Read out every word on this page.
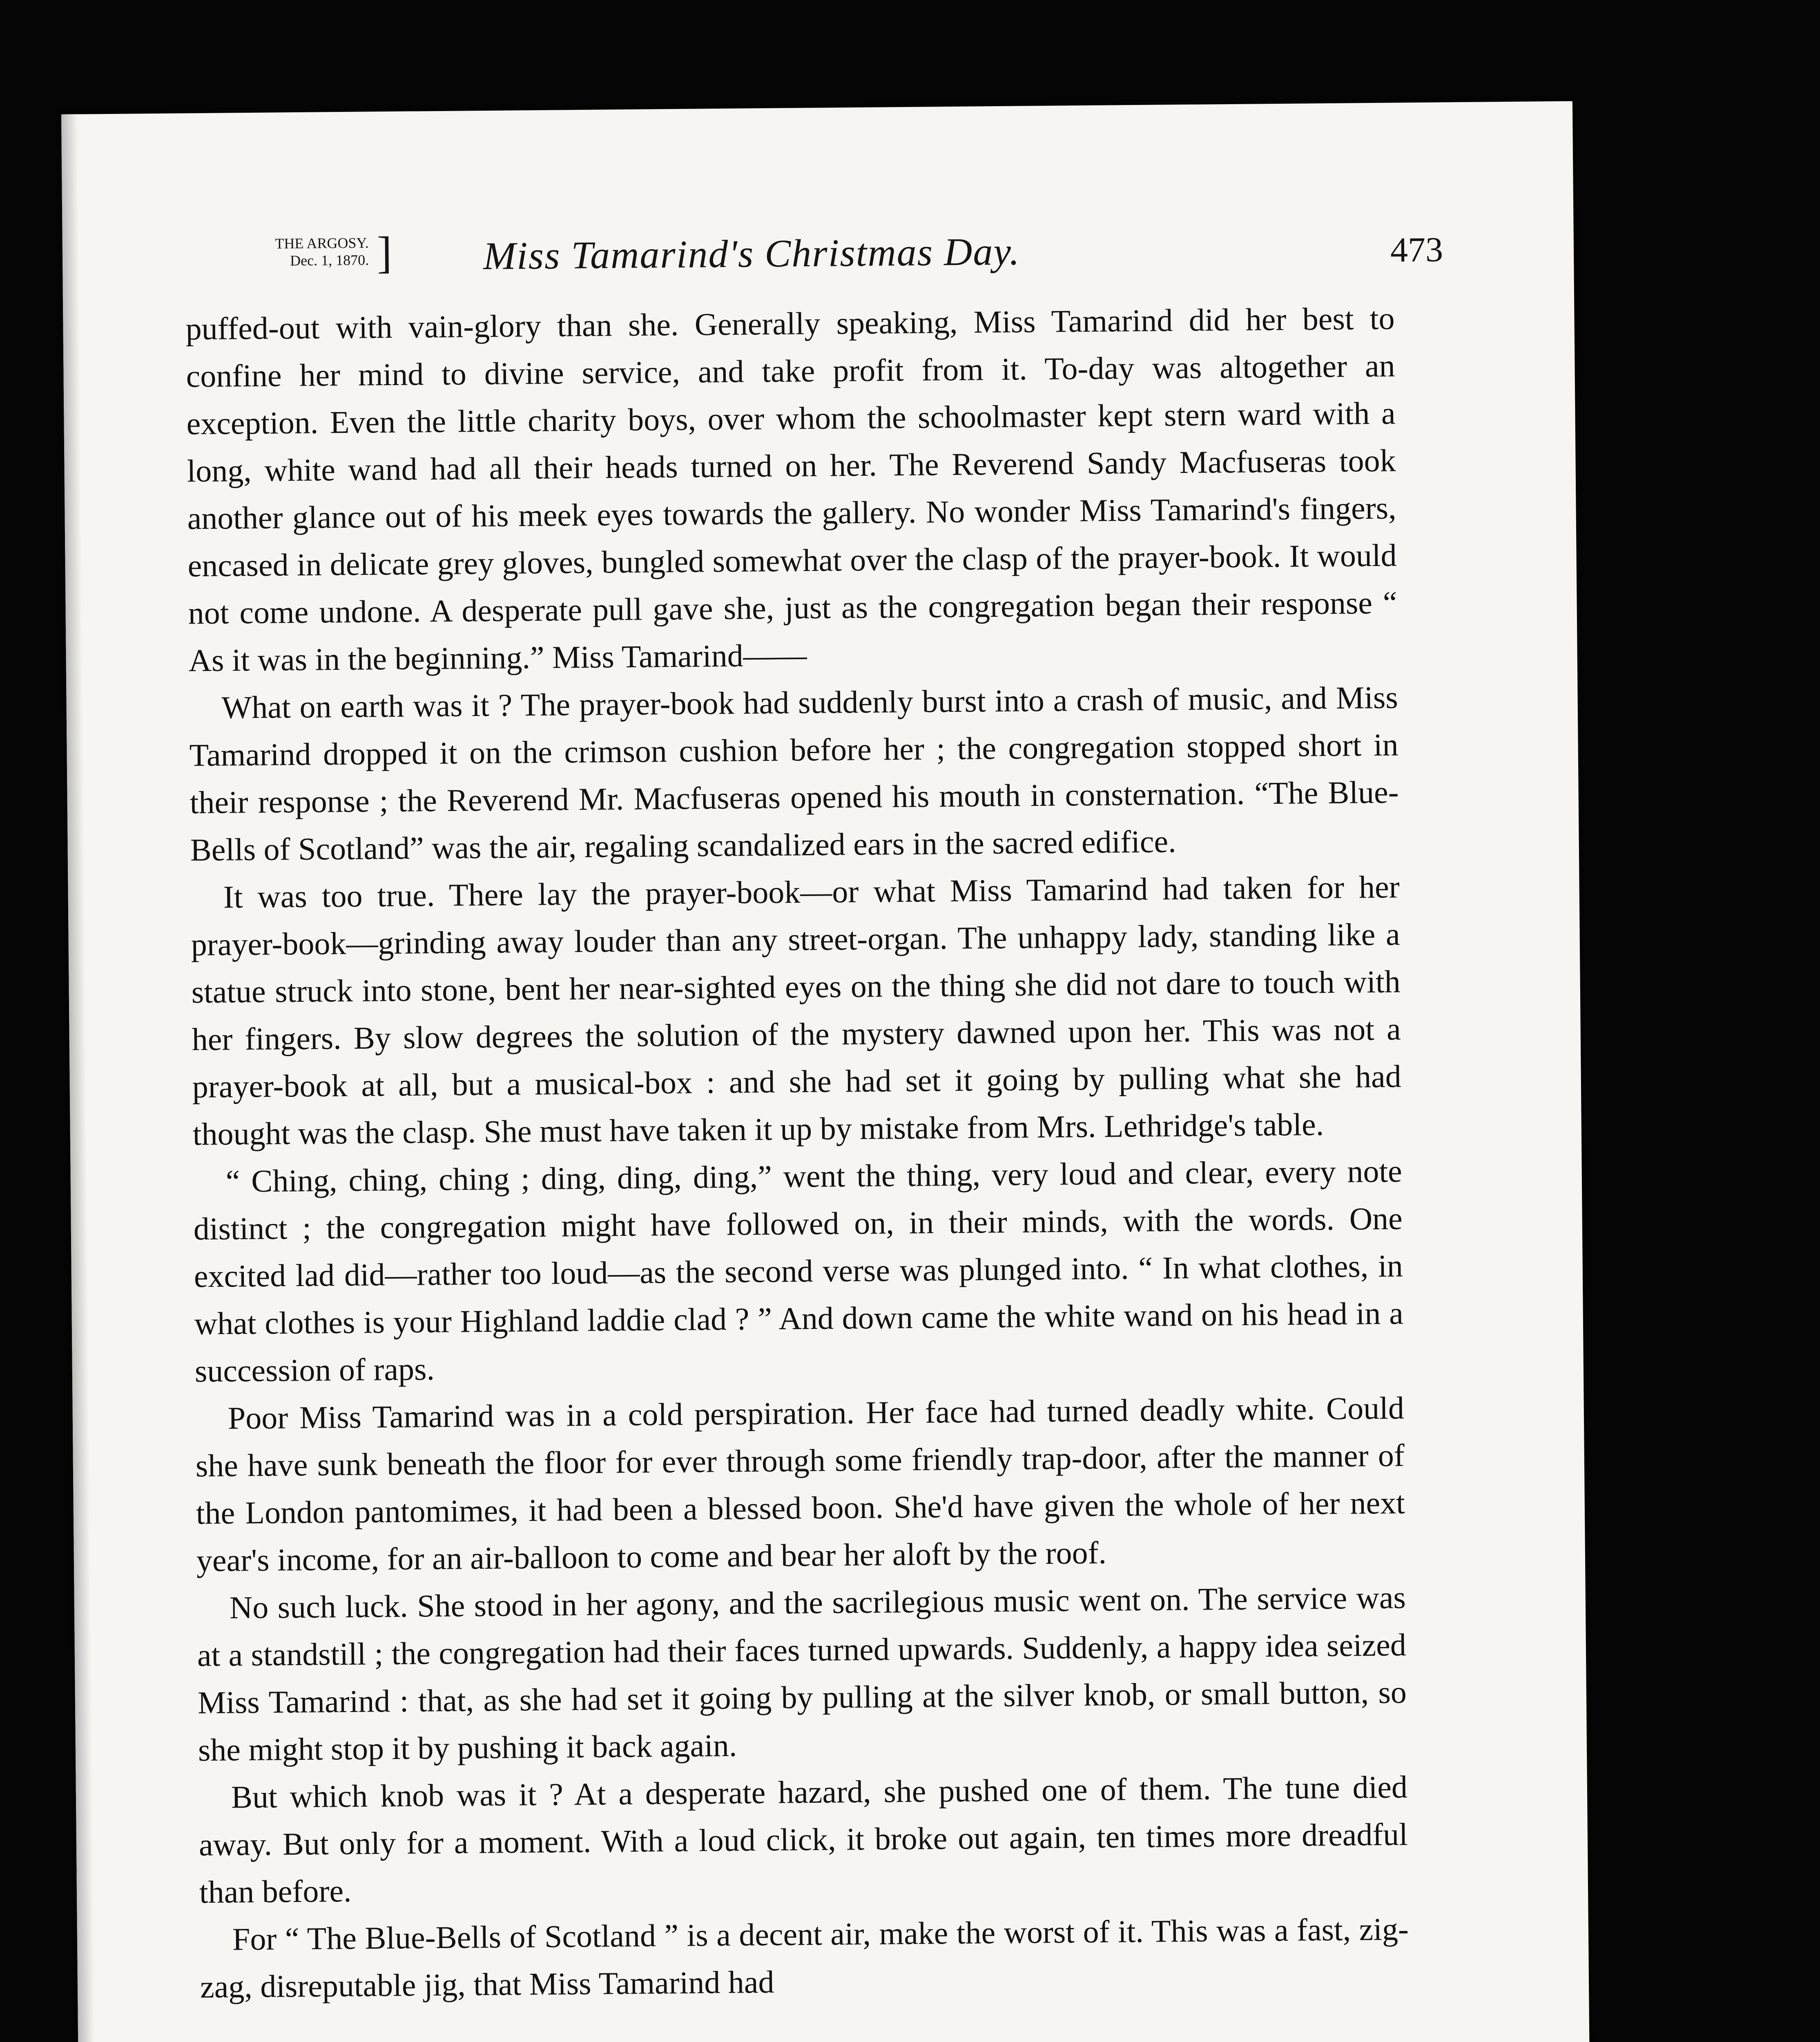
THE ARGOSY.
Dec. 1, 1870. ] Miss Tamarind's Christmas Day.	473

puffed-out with vain-glory than she. Generally speaking, Miss Tamarind did her best to confine her mind to divine service, and take profit from it. To-day was altogether an exception. Even the little charity boys, over whom the schoolmaster kept stern ward with a long, white wand had all their heads turned on her. The Reverend Sandy Macfuseras took another glance out of his meek eyes towards the gallery. No wonder Miss Tamarind's fingers, encased in delicate grey gloves, bungled somewhat over the clasp of the prayer-book. It would not come undone. A desperate pull gave she, just as the congregation began their response “ As it was in the beginning.” Miss Tamarind——

What on earth was it ? The prayer-book had suddenly burst into a crash of music, and Miss Tamarind dropped it on the crimson cushion before her ; the congregation stopped short in their response ; the Reverend Mr. Macfuseras opened his mouth in consternation. “The Blue-Bells of Scotland” was the air, regaling scandalized ears in the sacred edifice.

It was too true. There lay the prayer-book—or what Miss Tamarind had taken for her prayer-book—grinding away louder than any street-organ. The unhappy lady, standing like a statue struck into stone, bent her near-sighted eyes on the thing she did not dare to touch with her fingers. By slow degrees the solution of the mystery dawned upon her. This was not a prayer-book at all, but a musical-box : and she had set it going by pulling what she had thought was the clasp. She must have taken it up by mistake from Mrs. Lethridge's table.

“ Ching, ching, ching ; ding, ding, ding,” went the thing, very loud and clear, every note distinct ; the congregation might have followed on, in their minds, with the words. One excited lad did—rather too loud—as the second verse was plunged into. “ In what clothes, in what clothes is your Highland laddie clad ? ” And down came the white wand on his head in a succession of raps.

Poor Miss Tamarind was in a cold perspiration. Her face had turned deadly white. Could she have sunk beneath the floor for ever through some friendly trap-door, after the manner of the London pantomimes, it had been a blessed boon. She'd have given the whole of her next year's income, for an air-balloon to come and bear her aloft by the roof.

No such luck. She stood in her agony, and the sacrilegious music went on. The service was at a standstill ; the congregation had their faces turned upwards. Suddenly, a happy idea seized Miss Tamarind : that, as she had set it going by pulling at the silver knob, or small button, so she might stop it by pushing it back again.

But which knob was it ? At a desperate hazard, she pushed one of them. The tune died away. But only for a moment. With a loud click, it broke out again, ten times more dreadful than before.

For “ The Blue-Bells of Scotland ” is a decent air, make the worst of it. This was a fast, zig-zag, disreputable jig, that Miss Tamarind had
